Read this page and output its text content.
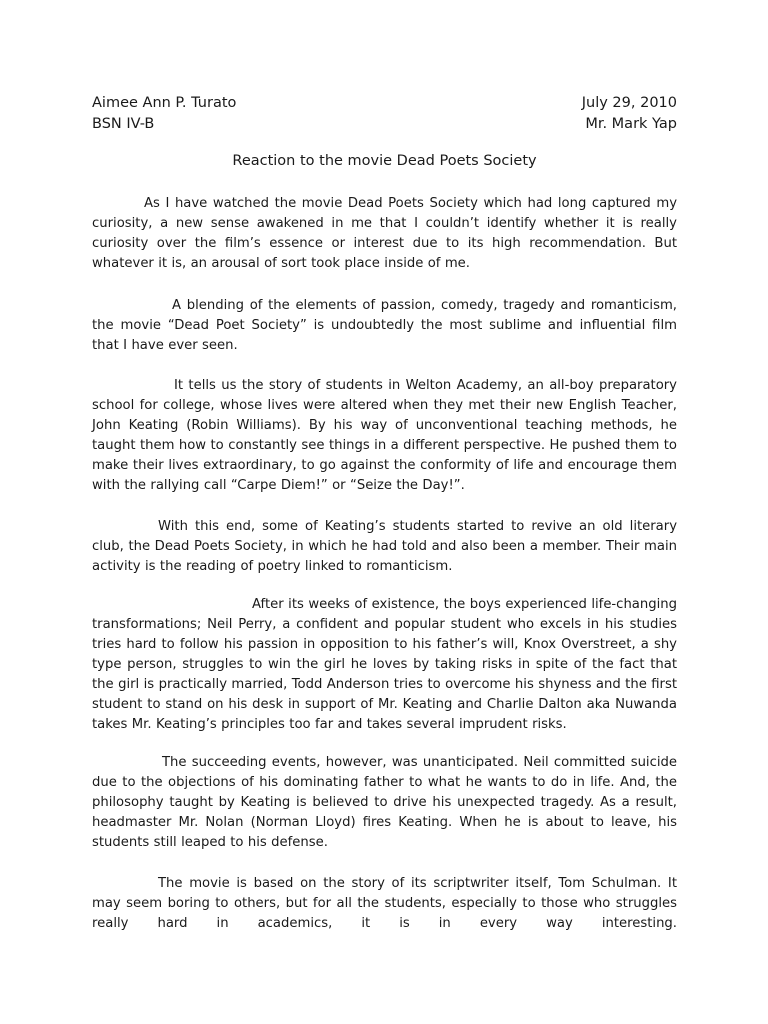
Aimee Ann P. Turato	July 29, 2010
BSN IV-B	Mr. Mark Yap
Reaction to the movie Dead Poets Society

As I have watched the movie Dead Poets Society which had long captured my curiosity, a new sense awakened in me that I couldn’t identify whether it is really curiosity over the film’s essence or interest due to its high recommendation. But whatever it is, an arousal of sort took place inside of me.

A blending of the elements of passion, comedy, tragedy and romanticism, the movie “Dead Poet Society” is undoubtedly the most sublime and influential film that I have ever seen.

It tells us the story of students in Welton Academy, an all-boy preparatory school for college, whose lives were altered when they met their new English Teacher, John Keating (Robin Williams). By his way of unconventional teaching methods, he taught them how to constantly see things in a different perspective. He pushed them to make their lives extraordinary, to go against the conformity of life and encourage them with the rallying call “Carpe Diem!” or “Seize the Day!”.

With this end, some of Keating’s students started to revive an old literary club, the Dead Poets Society, in which he had told and also been a member. Their main activity is the reading of poetry linked to romanticism.

After its weeks of existence, the boys experienced life-changing transformations; Neil Perry, a confident and popular student who excels in his studies tries hard to follow his passion in opposition to his father’s will, Knox Overstreet, a shy type person, struggles to win the girl he loves by taking risks in spite of the fact that the girl is practically married, Todd Anderson tries to overcome his shyness and the first student to stand on his desk in support of Mr. Keating and Charlie Dalton aka Nuwanda takes Mr. Keating’s principles too far and takes several imprudent risks.

The succeeding events, however, was unanticipated. Neil committed suicide due to the objections of his dominating father to what he wants to do in life. And, the philosophy taught by Keating is believed to drive his unexpected tragedy. As a result, headmaster Mr. Nolan (Norman Lloyd) fires Keating. When he is about to leave, his students still leaped to his defense.

The movie is based on the story of its scriptwriter itself, Tom Schulman. It may seem boring to others, but for all the students, especially to those who struggles really hard in academics, it is in every way interesting.
